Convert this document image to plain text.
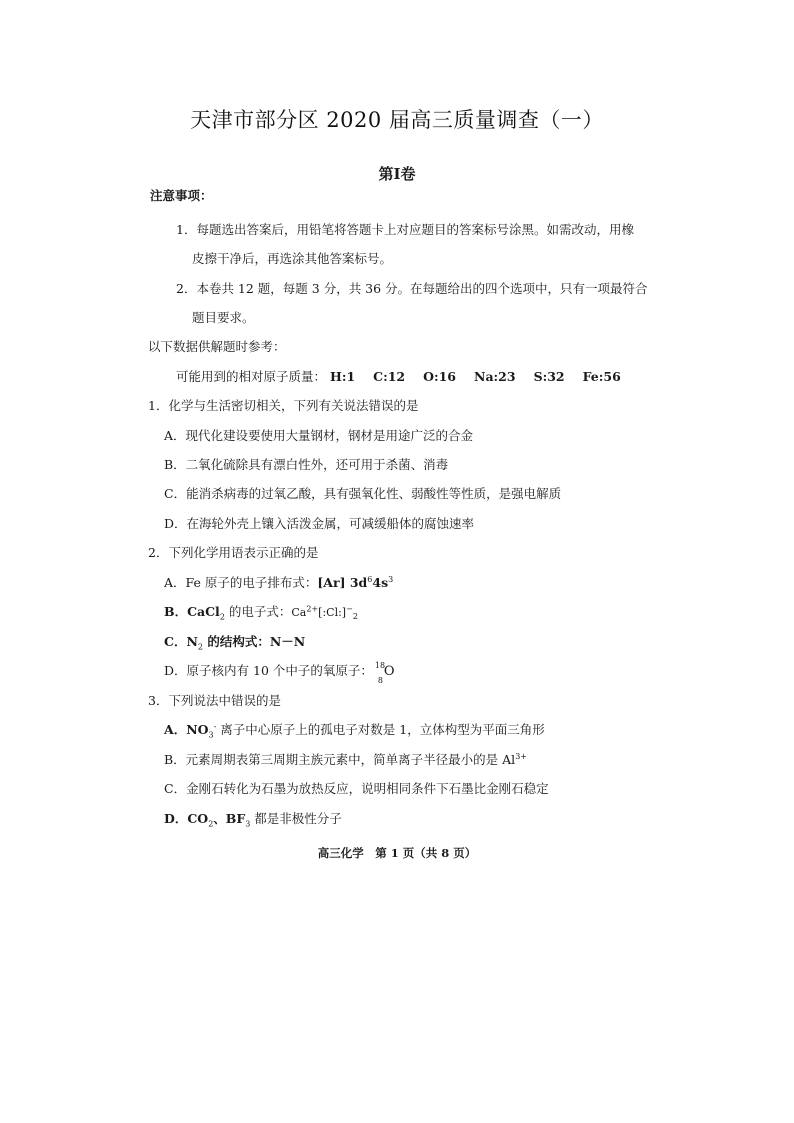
天津市部分区 2020 届高三质量调查（一）
第Ⅰ卷
注意事项：
1．每题选出答案后，用铅笔将答题卡上对应题目的答案标号涂黑。如需改动，用橡
皮擦干净后，再选涂其他答案标号。
2．本卷共 12 题，每题 3 分，共 36 分。在每题给出的四个选项中，只有一项最符合
题目要求。
以下数据供解题时参考：
可能用到的相对原子质量： H:1 C:12 O:16 Na:23 S:32 Fe:56
1．化学与生活密切相关，下列有关说法错误的是
A．现代化建设要使用大量钢材，钢材是用途广泛的合金
B．二氧化硫除具有漂白性外，还可用于杀菌、消毒
C．能消杀病毒的过氧乙酸，具有强氧化性、弱酸性等性质，是强电解质
D．在海轮外壳上镶入活泼金属，可减缓船体的腐蚀速率
2．下列化学用语表示正确的是
A．Fe 原子的电子排布式：[Ar] $3d^64s^3$
B．CaCl$_2$ 的电子式：$Ca^{2+}[:Cl:]^-_2$
C．$N_2$ 的结构式：N－N
D．原子核内有 10 个中子的氧原子： 18
8
O
3．下列说法中错误的是
A．$NO_3^-$ 离子中心原子上的孤电子对数是 1，立体构型为平面三角形
B．元素周期表第三周期主族元素中，简单离子半径最小的是 $Al^{3+}$
C．金刚石转化为石墨为放热反应，说明相同条件下石墨比金刚石稳定
D．$CO_2$、$BF_3$ 都是非极性分子
高三化学　第 1 页（共 8 页）
